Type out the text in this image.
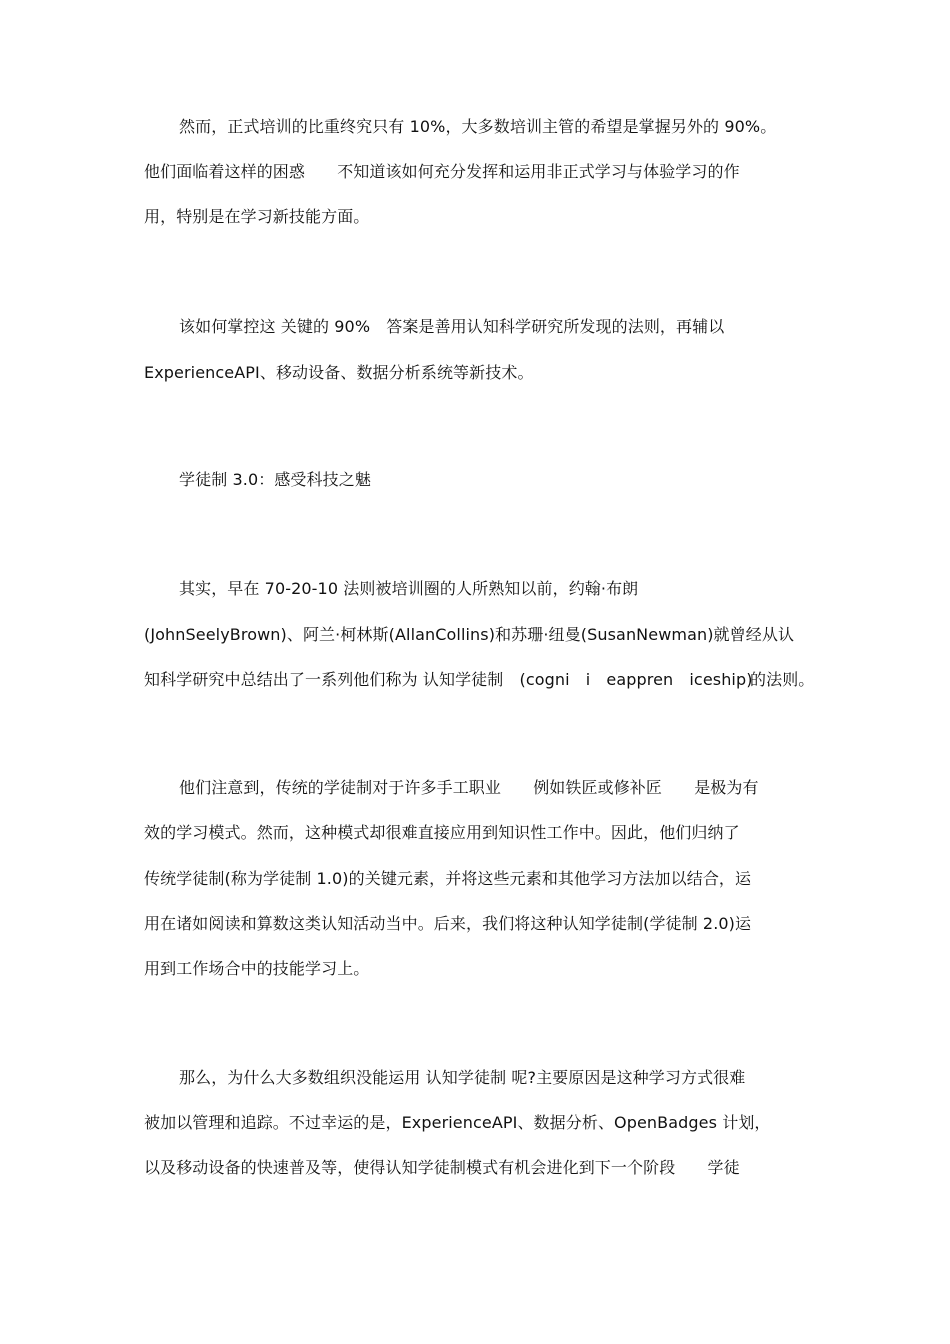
然而，正式培训的比重终究只有 10%，大多数培训主管的希望是掌握另外的 90%。
他们面临着这样的困惑　　不知道该如何充分发挥和运用非正式学习与体验学习的作
用，特别是在学习新技能方面。
该如何掌控这 关键的 90%　答案是善用认知科学研究所发现的法则，再辅以
ExperienceAPI、移动设备、数据分析系统等新技术。
学徒制 3.0：感受科技之魅
其实，早在 70-20-10 法则被培训圈的人所熟知以前，约翰·布朗
(JohnSeelyBrown)、阿兰·柯林斯(AllanCollins)和苏珊·纽曼(SusanNewman)就曾经从认
知科学研究中总结出了一系列他们称为 认知学徒制　(cogni　i　eappren　iceship)
的法则。
他们注意到，传统的学徒制对于许多手工职业　　例如铁匠或修补匠　　是极为有
效的学习模式。然而，这种模式却很难直接应用到知识性工作中。因此，他们归纳了
传统学徒制(称为学徒制 1.0)的关键元素，并将这些元素和其他学习方法加以结合，运
用在诸如阅读和算数这类认知活动当中。后来，我们将这种认知学徒制(学徒制 2.0)运
用到工作场合中的技能学习上。
那么，为什么大多数组织没能运用 认知学徒制 呢?主要原因是这种学习方式很难
被加以管理和追踪。不过幸运的是，ExperienceAPI、数据分析、OpenBadges 计划，
以及移动设备的快速普及等，使得认知学徒制模式有机会进化到下一个阶段　　学徒
